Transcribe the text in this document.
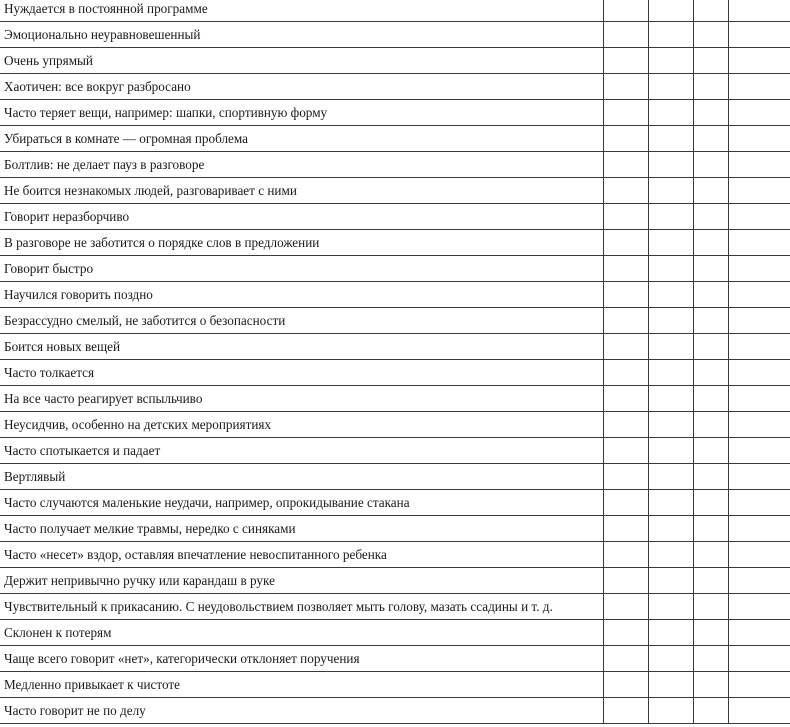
Нуждается в постоянной программе				
Эмоционально неуравновешенный				
Очень упрямый				
Хаотичен: все вокруг разбросано				
Часто теряет вещи, например: шапки, спортивную форму				
Убираться в комнате — огромная проблема				
Болтлив: не делает пауз в разговоре				
Не боится незнакомых людей, разговаривает с ними				
Говорит неразборчиво				
В разговоре не заботится о порядке слов в предложении				
Говорит быстро				
Научился говорить поздно				
Безрассудно смелый, не заботится о безопасности				
Боится новых вещей				
Часто толкается				
На все часто реагирует вспыльчиво				
Неусидчив, особенно на детских мероприятиях				
Часто спотыкается и падает				
Вертлявый				
Часто случаются маленькие неудачи, например, опрокидывание стакана				
Часто получает мелкие травмы, нередко с синяками				
Часто «несет» вздор, оставляя впечатление невоспитанного ребенка				
Держит непривычно ручку или карандаш в руке				
Чувствительный к прикасанию. С неудовольствием позволяет мыть голову, мазать ссадины и т. д.				
Склонен к потерям				
Чаще всего говорит «нет», категорически отклоняет поручения				
Медленно привыкает к чистоте				
Часто говорит не по делу				
